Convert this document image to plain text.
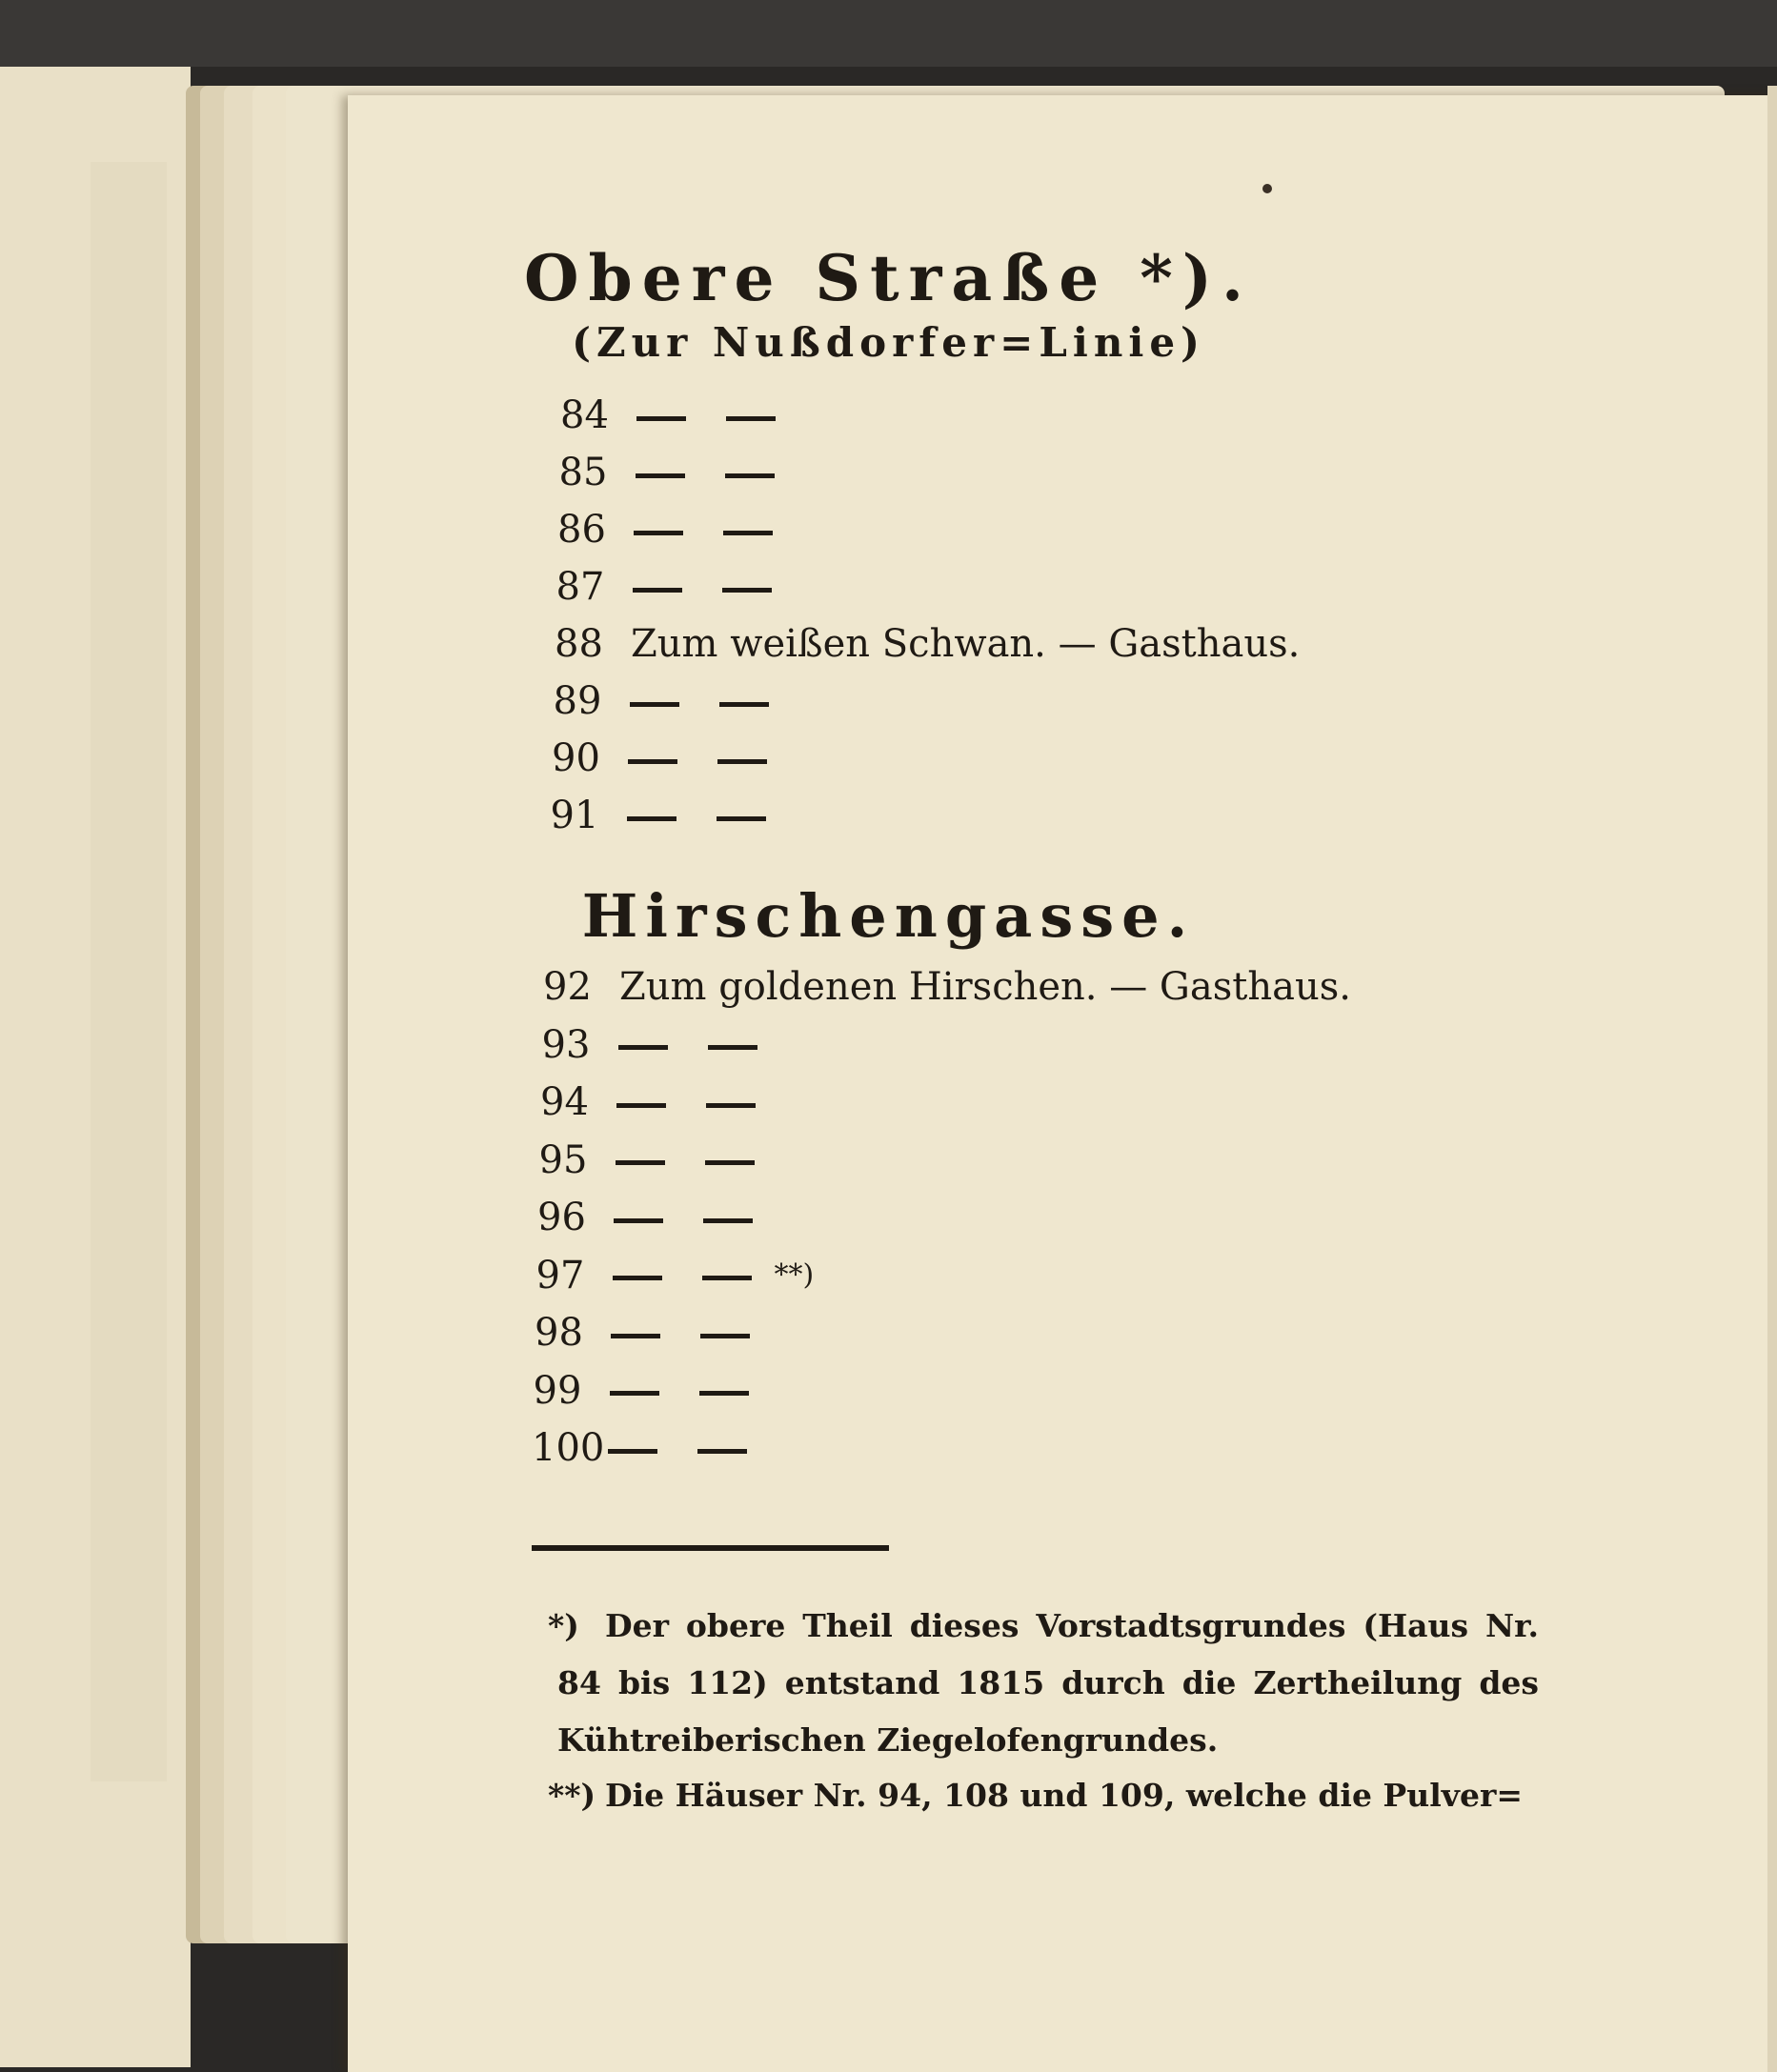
Obere Straße *).
(Zur Nußdorfer=Linie)
84
85
86
87
88 Zum weißen Schwan. — Gasthaus.
89
90
91
Hirschengasse.
92 Zum goldenen Hirschen. — Gasthaus.
93
94
95
96
97	**)
98
99
100
*) Der obere Theil dieses Vorstadtsgrundes (Haus Nr. 84 bis 112) entstand 1815 durch die Zertheilung des Kühtreiberischen Ziegelofengrundes.
**) Die Häuser Nr. 94, 108 und 109, welche die Pulver=
